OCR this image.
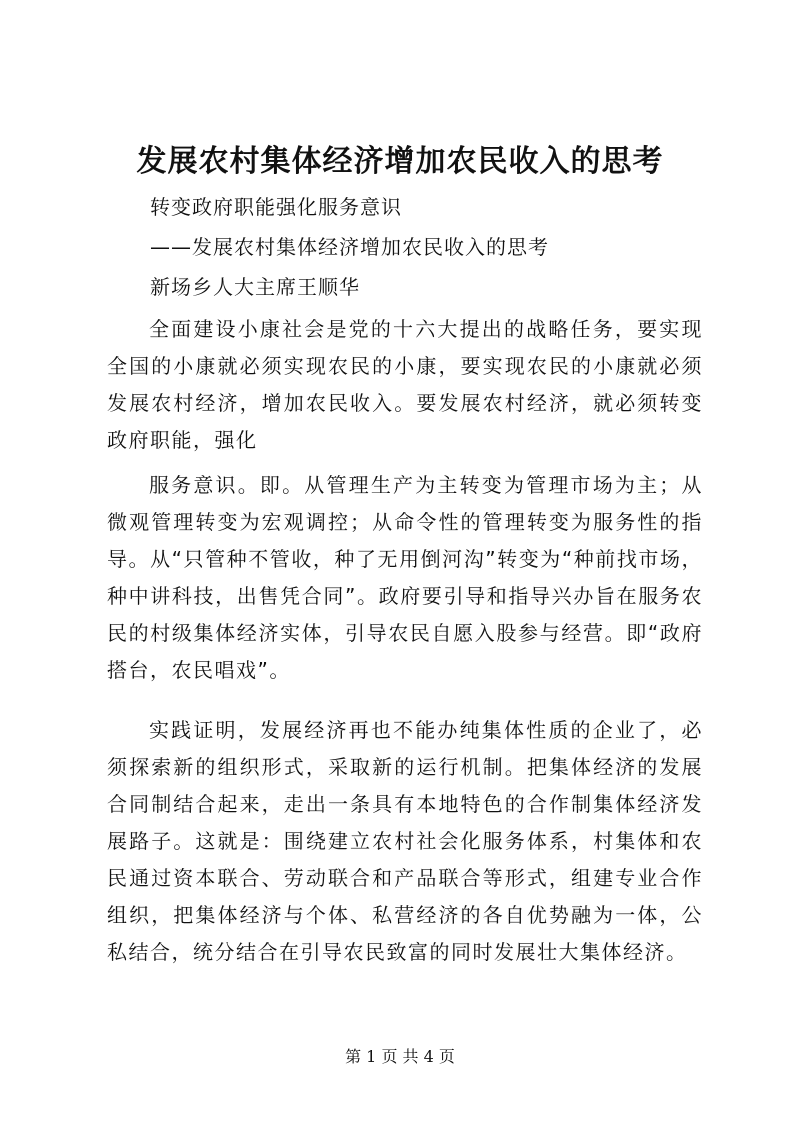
发展农村集体经济增加农民收入的思考
转变政府职能强化服务意识
——发展农村集体经济增加农民收入的思考
新场乡人大主席王顺华

全面建设小康社会是党的十六大提出的战略任务，要实现全国的小康就必须实现农民的小康，要实现农民的小康就必须发展农村经济，增加农民收入。要发展农村经济，就必须转变政府职能，强化

服务意识。即。从管理生产为主转变为管理市场为主；从微观管理转变为宏观调控；从命令性的管理转变为服务性的指导。从“只管种不管收，种了无用倒河沟”转变为“种前找市场，种中讲科技，出售凭合同”。政府要引导和指导兴办旨在服务农民的村级集体经济实体，引导农民自愿入股参与经营。即“政府搭台，农民唱戏”。

实践证明，发展经济再也不能办纯集体性质的企业了，必须探索新的组织形式，采取新的运行机制。把集体经济的发展合同制结合起来，走出一条具有本地特色的合作制集体经济发展路子。这就是：围绕建立农村社会化服务体系，村集体和农民通过资本联合、劳动联合和产品联合等形式，组建专业合作组织，把集体经济与个体、私营经济的各自优势融为一体，公私结合，统分结合在引导农民致富的同时发展壮大集体经济。

第 1 页 共 4 页
